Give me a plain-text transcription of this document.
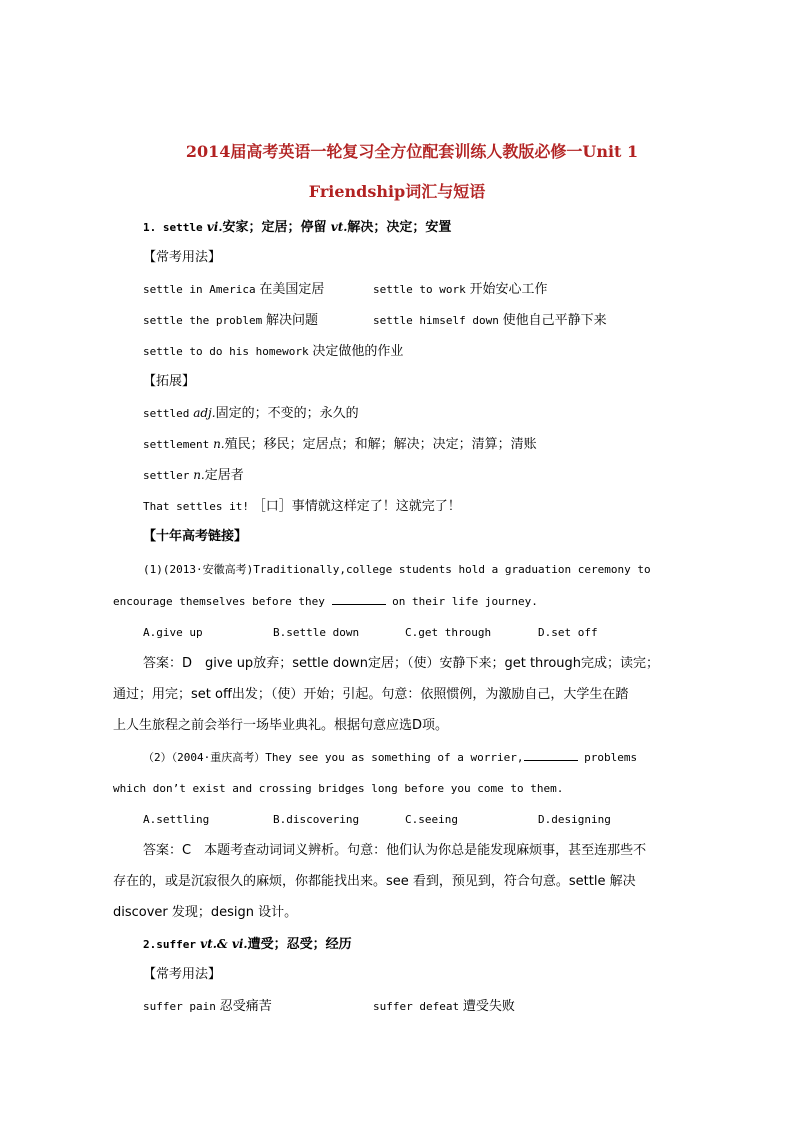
2014届高考英语一轮复习全方位配套训练人教版必修一Unit 1
Friendship词汇与短语
1. settle vi.安家；定居；停留 vt.解决；决定；安置
【常考用法】
settle in America 在美国定居	settle to work 开始安心工作
settle the problem 解决问题	settle himself down 使他自己平静下来
settle to do his homework 决定做他的作业
【拓展】
settled adj.固定的；不变的；永久的
settlement n.殖民；移民；定居点；和解；解决；决定；清算；清账
settler n.定居者
That settles it! ［口］事情就这样定了！这就完了！
【十年高考链接】
(1)(2013·安徽高考)Traditionally,college students hold a graduation ceremony to
encourage themselves before they	on their life journey.
A.give up	B.settle down	C.get through	D.set off
答案：D　give up放弃；settle down定居；（使）安静下来；get through完成；读完；
通过；用完；set off出发；（使）开始；引起。句意：依照惯例，为激励自己，大学生在踏
上人生旅程之前会举行一场毕业典礼。根据句意应选D项。
（2）（2004·重庆高考）They see you as something of a worrier,	problems
which don’t exist and crossing bridges long before you come to them.
A.settling	B.discovering	C.seeing	D.designing
答案：C　本题考查动词词义辨析。句意：他们认为你总是能发现麻烦事，甚至连那些不
存在的，或是沉寂很久的麻烦，你都能找出来。see 看到，预见到，符合句意。settle 解决
discover 发现；design 设计。
2.suffer vt.& vi.遭受；忍受；经历
【常考用法】
suffer pain 忍受痛苦	suffer defeat 遭受失败
